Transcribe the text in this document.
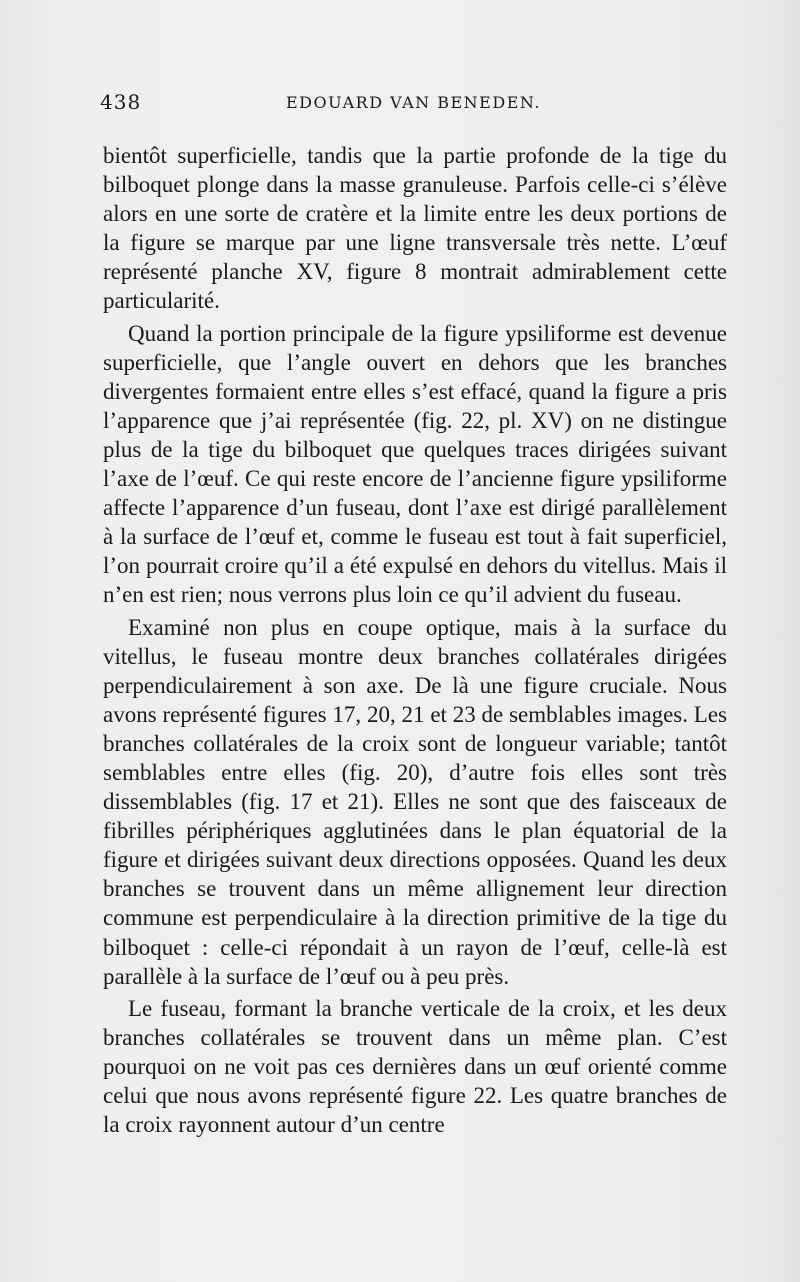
438	EDOUARD VAN BENEDEN.

bientôt superficielle, tandis que la partie profonde de la tige du bilboquet plonge dans la masse granuleuse. Parfois celle-ci s’élève alors en une sorte de cratère et la limite entre les deux portions de la figure se marque par une ligne transversale très nette. L’œuf représenté planche XV, figure 8 montrait admirablement cette particularité.

Quand la portion principale de la figure ypsiliforme est devenue superficielle, que l’angle ouvert en dehors que les branches divergentes formaient entre elles s’est effacé, quand la figure a pris l’apparence que j’ai représentée (fig. 22, pl. XV) on ne distingue plus de la tige du bilboquet que quelques traces dirigées suivant l’axe de l’œuf. Ce qui reste encore de l’ancienne figure ypsiliforme affecte l’apparence d’un fuseau, dont l’axe est dirigé parallèlement à la surface de l’œuf et, comme le fuseau est tout à fait superficiel, l’on pourrait croire qu’il a été expulsé en dehors du vitellus. Mais il n’en est rien; nous verrons plus loin ce qu’il advient du fuseau.

Examiné non plus en coupe optique, mais à la surface du vitellus, le fuseau montre deux branches collatérales dirigées perpendiculairement à son axe. De là une figure cruciale. Nous avons représenté figures 17, 20, 21 et 23 de semblables images. Les branches collatérales de la croix sont de longueur variable; tantôt semblables entre elles (fig. 20), d’autre fois elles sont très dissemblables (fig. 17 et 21). Elles ne sont que des faisceaux de fibrilles périphériques agglutinées dans le plan équatorial de la figure et dirigées suivant deux directions opposées. Quand les deux branches se trouvent dans un même allignement leur direction commune est perpendiculaire à la direction primitive de la tige du bilboquet : celle-ci répondait à un rayon de l’œuf, celle-là est parallèle à la surface de l’œuf ou à peu près.

Le fuseau, formant la branche verticale de la croix, et les deux branches collatérales se trouvent dans un même plan. C’est pourquoi on ne voit pas ces dernières dans un œuf orienté comme celui que nous avons représenté figure 22. Les quatre branches de la croix rayonnent autour d’un centre
